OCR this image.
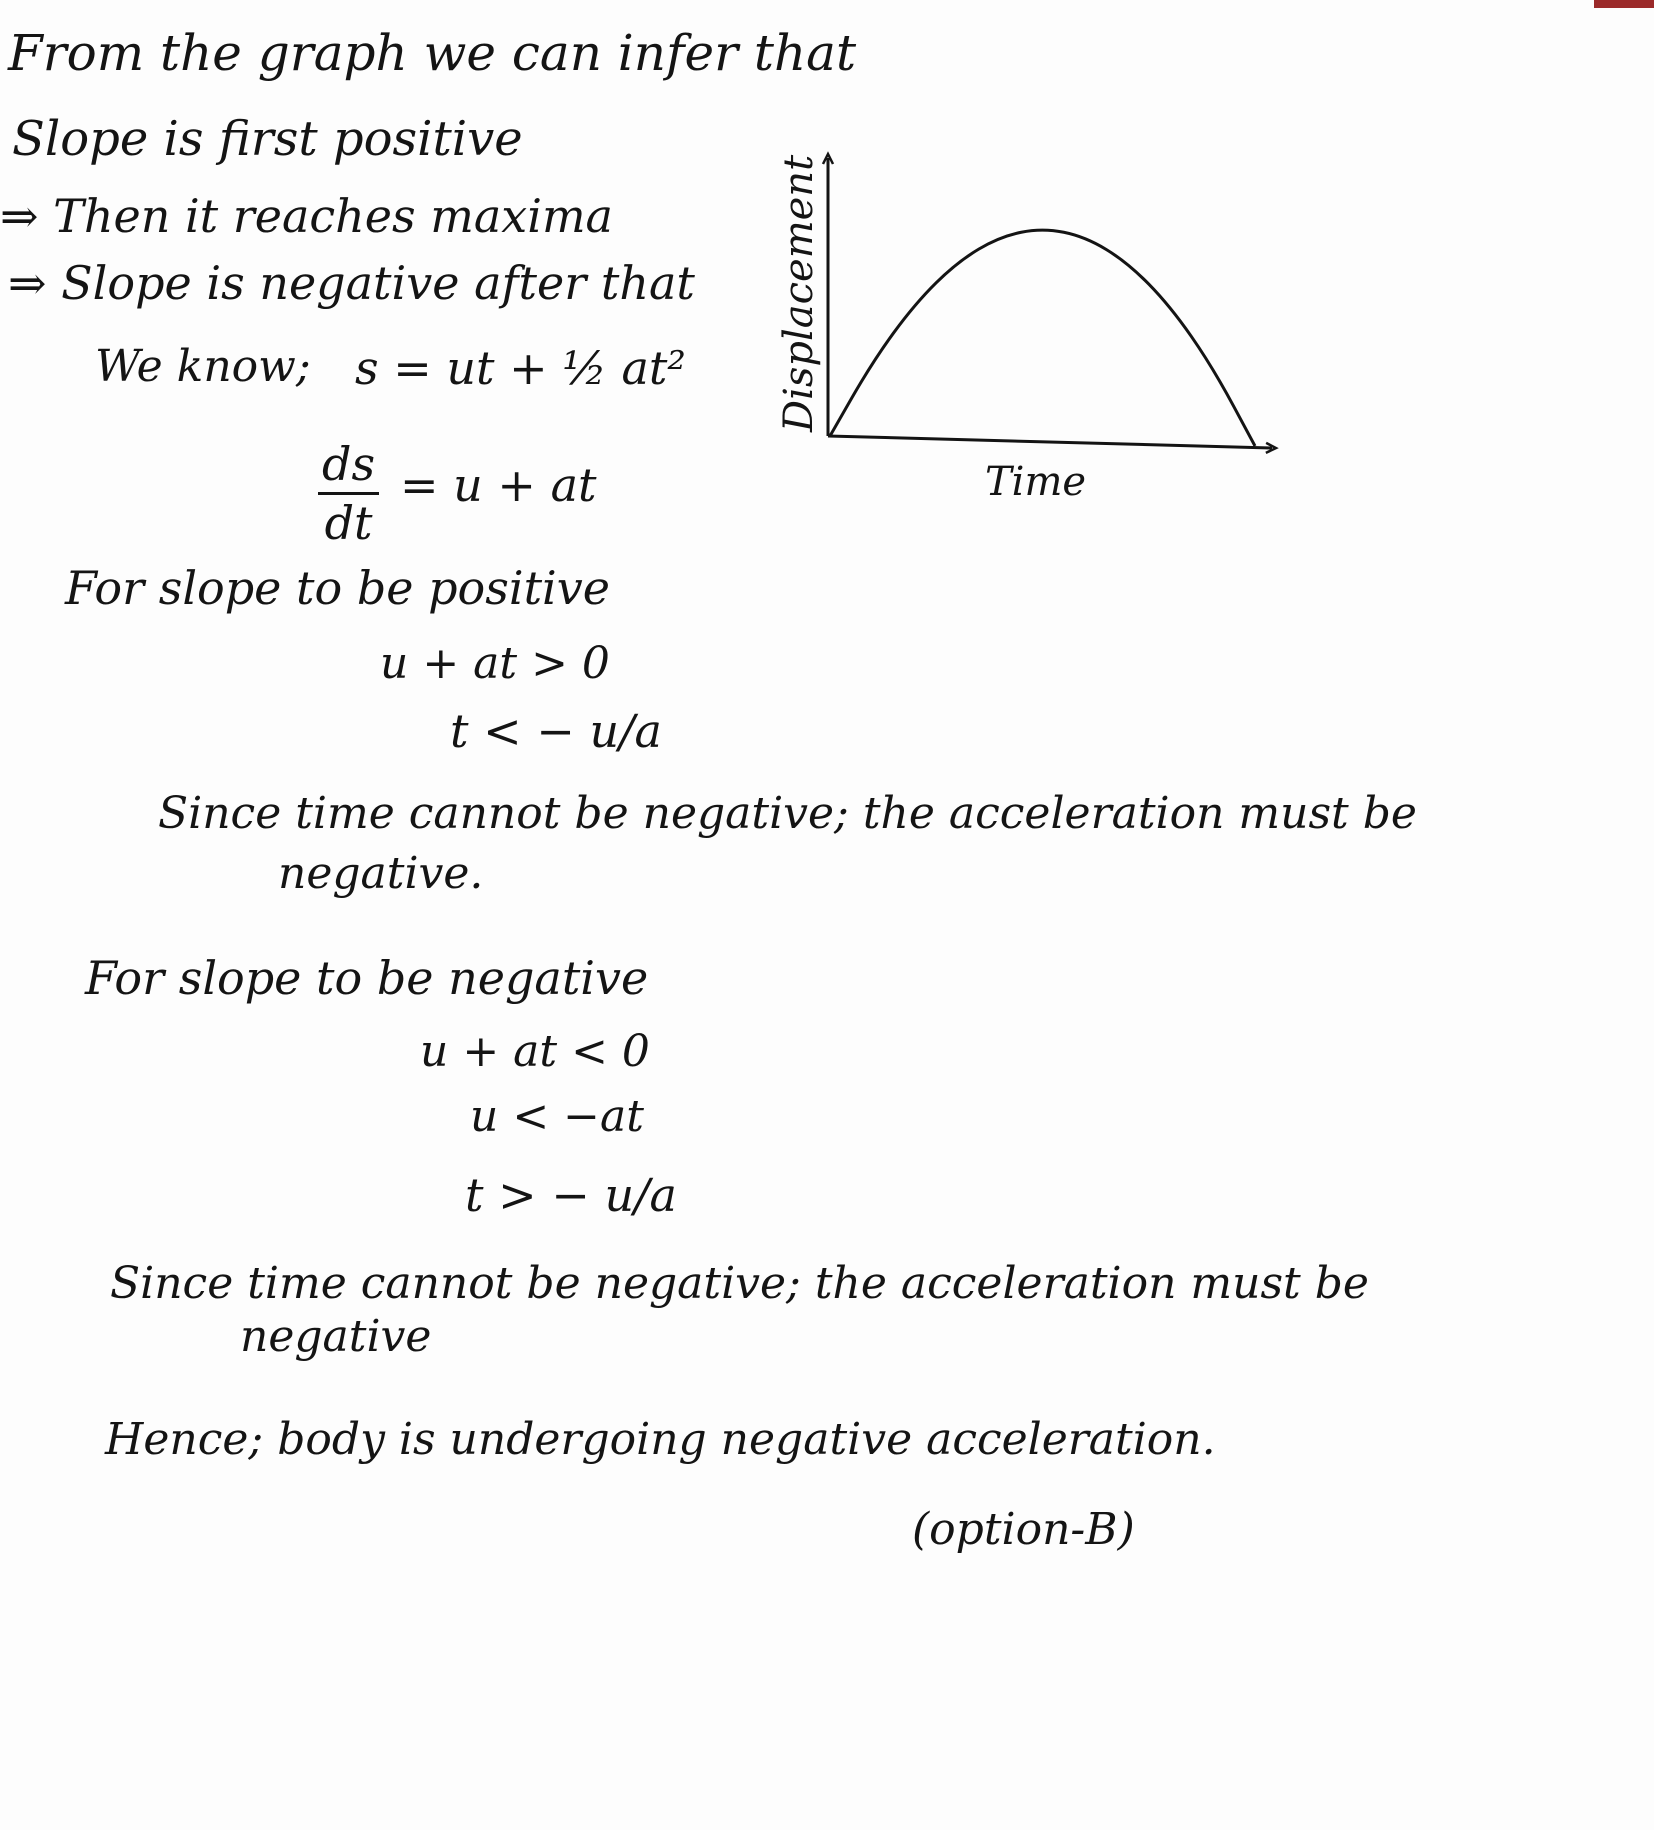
From the graph we can infer that
Slope is first positive
⇒ Then it reaches maxima
⇒ Slope is negative after that
We know; s = ut + ½ at²
$\frac{ds}{dt} = u$ + at
For slope to be positive
u + at > 0
t < − u/a
Since time cannot be negative; the acceleration must be
negative.
For slope to be negative
u + at < 0
u < −at
t > − u/a
Since time cannot be negative; the acceleration must be
negative
Hence; body is undergoing negative acceleration.
(option-B)
Displacement
Time
